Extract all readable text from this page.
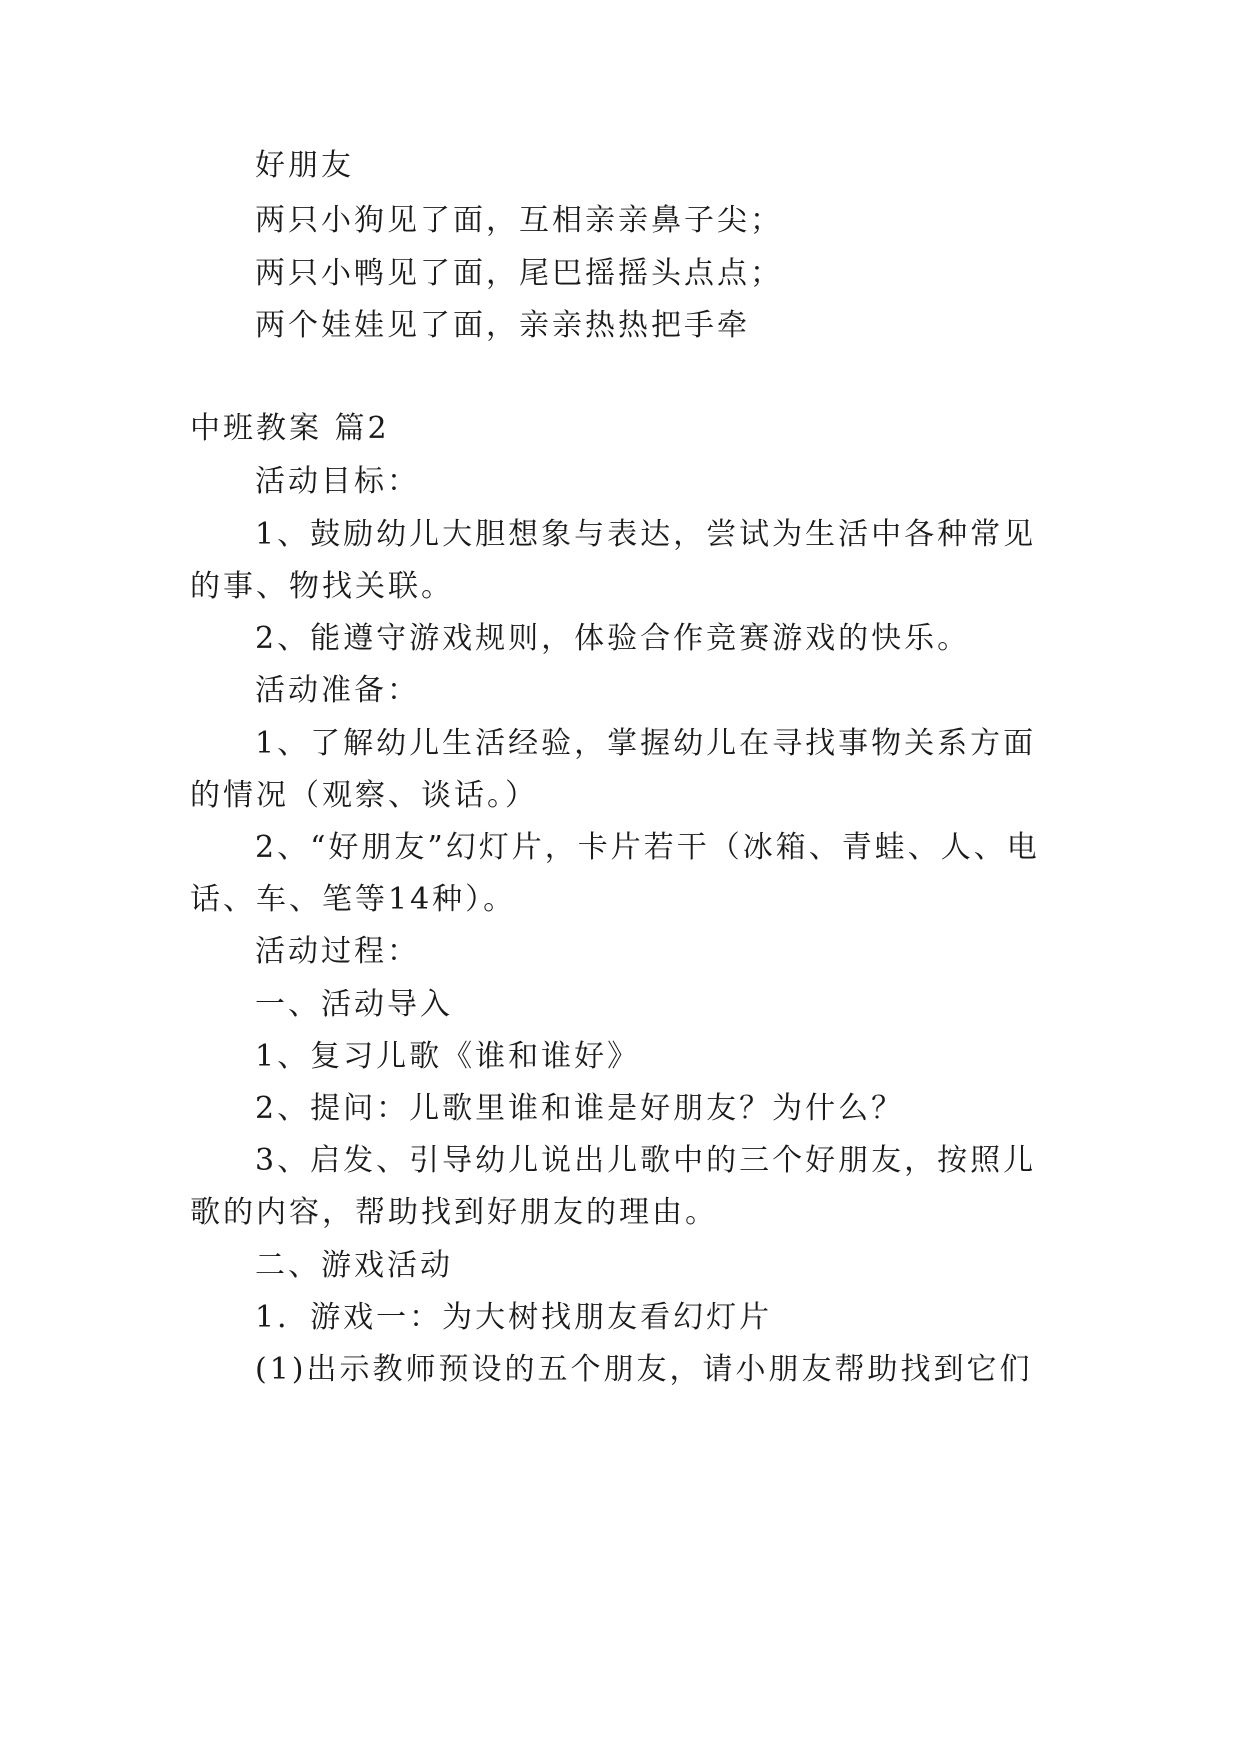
好朋友
两只小狗见了面，互相亲亲鼻子尖；
两只小鸭见了面，尾巴摇摇头点点；
两个娃娃见了面，亲亲热热把手牵
中班教案 篇2
活动目标：
1、鼓励幼儿大胆想象与表达，尝试为生活中各种常见
的事、物找关联。
2、能遵守游戏规则，体验合作竞赛游戏的快乐。
活动准备：
1、了解幼儿生活经验，掌握幼儿在寻找事物关系方面
的情况（观察、谈话。）
2、“好朋友”幻灯片，卡片若干（冰箱、青蛙、人、电
话、车、笔等14种）。
活动过程：
一、活动导入
1、复习儿歌《谁和谁好》
2、提问：儿歌里谁和谁是好朋友？为什么？
3、启发、引导幼儿说出儿歌中的三个好朋友，按照儿
歌的内容，帮助找到好朋友的理由。
二、游戏活动
1．游戏一：为大树找朋友看幻灯片
(1)出示教师预设的五个朋友，请小朋友帮助找到它们
